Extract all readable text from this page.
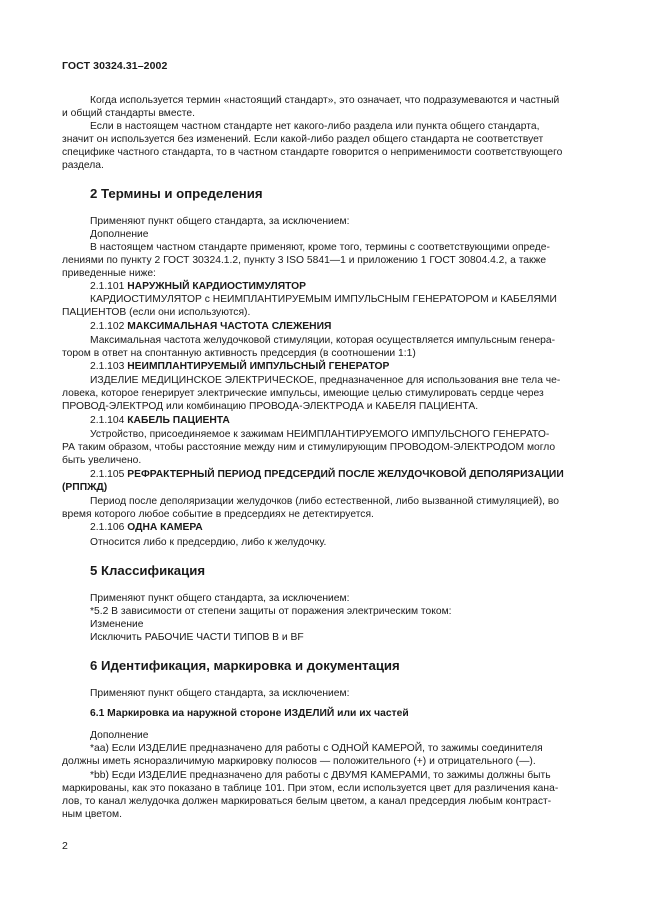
ГОСТ 30324.31–2002
Когда используется термин «настоящий стандарт», это означает, что подразумеваются и частный
и общий стандарты вместе.
Если в настоящем частном стандарте нет какого-либо раздела или пункта общего стандарта,
значит он используется без изменений. Если какой-либо раздел общего стандарта не соответствует
специфике частного стандарта, то в частном стандарте говорится о неприменимости соответствующего
раздела.
2 Термины и определения
Применяют пункт общего стандарта, за исключением:
Дополнение
В настоящем частном стандарте применяют, кроме того, термины с соответствующими опреде-
лениями по пункту 2 ГОСТ 30324.1.2, пункту 3 ISO 5841—1 и приложению 1 ГОСТ 30804.4.2, а также
приведенные ниже:
2.1.101 НАРУЖНЫЙ КАРДИОСТИМУЛЯТОР
КАРДИОСТИМУЛЯТОР с НЕИМПЛАНТИРУЕМЫМ ИМПУЛЬСНЫМ ГЕНЕРАТОРОМ и КАБЕЛЯМИ
ПАЦИЕНТОВ (если они используются).
2.1.102 МАКСИМАЛЬНАЯ ЧАСТОТА СЛЕЖЕНИЯ
Максимальная частота желудочковой стимуляции, которая осуществляется импульсным генера-
тором в ответ на спонтанную активность предсердия (в соотношении 1:1)
2.1.103 НЕИМПЛАНТИРУЕМЫЙ ИМПУЛЬСНЫЙ ГЕНЕРАТОР
ИЗДЕЛИЕ МЕДИЦИНСКОЕ ЭЛЕКТРИЧЕСКОЕ, предназначенное для использования вне тела че-
ловека, которое генерирует электрические импульсы, имеющие целью стимулировать сердце через
ПРОВОД-ЭЛЕКТРОД или комбинацию ПРОВОДА-ЭЛЕКТРОДА и КАБЕЛЯ ПАЦИЕНТА.
2.1.104 КАБЕЛЬ ПАЦИЕНТА
Устройство, присоединяемое к зажимам НЕИМПЛАНТИРУЕМОГО ИМПУЛЬСНОГО ГЕНЕРАТО-
РА таким образом, чтобы расстояние между ним и стимулирующим ПРОВОДОМ-ЭЛЕКТРОДОМ могло
быть увеличено.
2.1.105 РЕФРАКТЕРНЫЙ ПЕРИОД ПРЕДСЕРДИЙ ПОСЛЕ ЖЕЛУДОЧКОВОЙ ДЕПОЛЯРИЗАЦИИ
(РППЖД)
Период после деполяризации желудочков (либо естественной, либо вызванной стимуляцией), во
время которого любое событие в предсердиях не детектируется.
2.1.106 ОДНА КАМЕРА
Относится либо к предсердию, либо к желудочку.
5 Классификация
Применяют пункт общего стандарта, за исключением:
*5.2 В зависимости от степени защиты от поражения электрическим током:
Изменение
Исключить РАБОЧИЕ ЧАСТИ ТИПОВ В и BF
6 Идентификация, маркировка и документация
Применяют пункт общего стандарта, за исключением:
6.1 Маркировка иа наружной стороне ИЗДЕЛИЙ или их частей
Дополнение
*аа) Если ИЗДЕЛИЕ предназначено для работы с ОДНОЙ КАМЕРОЙ, то зажимы соединителя
должны иметь ясноразличимую маркировку полюсов — положительного (+) и отрицательного (—).
*bb) Есди ИЗДЕЛИЕ предназначено для работы с ДВУМЯ КАМЕРАМИ, то зажимы должны быть
маркированы, как это показано в таблице 101. При этом, если используется цвет для различения кана-
лов, то канал желудочка должен маркироваться белым цветом, а канал предсердия любым контраст-
ным цветом.
2
